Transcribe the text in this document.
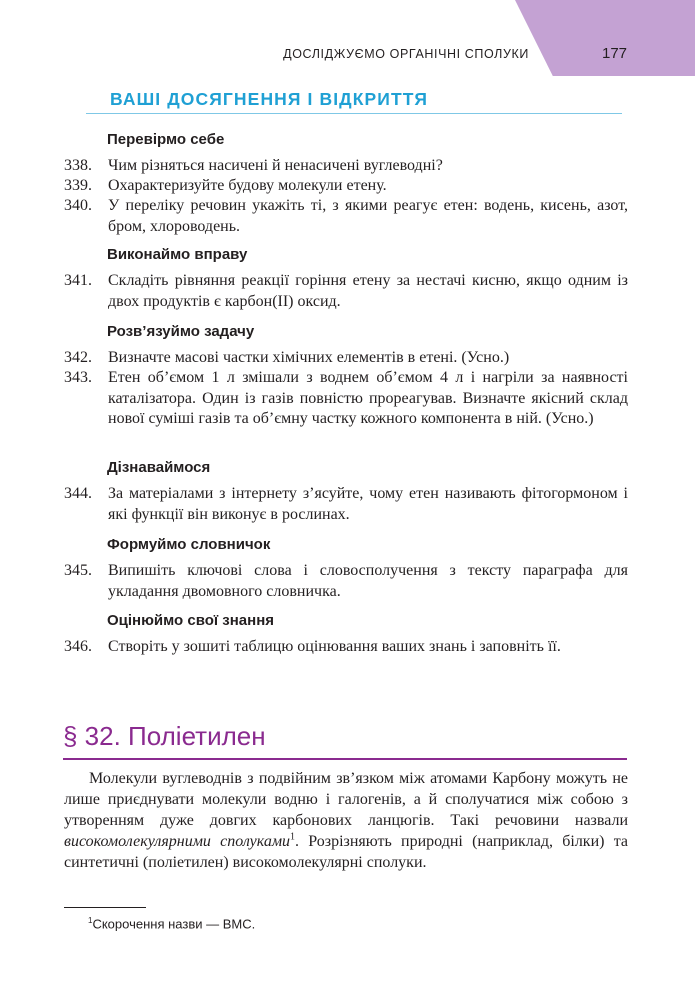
ДОСЛІДЖУЄМО ОРГАНІЧНІ СПОЛУКИ	177
ВАШІ ДОСЯГНЕННЯ І ВІДКРИТТЯ
Перевірмо себе
338. Чим різняться насичені й ненасичені вуглеводні?
339. Охарактеризуйте будову молекули етену.
340. У переліку речовин укажіть ті, з якими реагує етен: водень, кисень, азот, бром, хлороводень.
Виконаймо вправу
341. Складіть рівняння реакції горіння етену за нестачі кисню, якщо одним із двох продуктів є карбон(ІІ) оксид.
Розв’язуймо задачу
342. Визначте масові частки хімічних елементів в етені. (Усно.)
343. Етен об’ємом 1 л змішали з воднем об’ємом 4 л і нагріли за наявності каталізатора. Один із газів повністю прореагував. Визначте якісний склад нової суміші газів та об’ємну частку кожного компонента в ній. (Усно.)
Дізнаваймося
344. За матеріалами з інтернету з’ясуйте, чому етен називають фітогормоном і які функції він виконує в рослинах.
Формуймо словничок
345. Випишіть ключові слова і словосполучення з тексту параграфа для укладання двомовного словничка.
Оцінюймо свої знання
346. Створіть у зошиті таблицю оцінювання ваших знань і заповніть її.
§ 32. Поліетилен
Молекули вуглеводнів з подвійним зв’язком між атомами Карбону можуть не лише приєднувати молекули водню і галогенів, а й сполучатися між собою з утворенням дуже довгих карбонових ланцюгів. Такі речовини назвали високомолекулярними сполуками$^1$. Розрізняють природні (наприклад, білки) та синтетичні (поліетилен) високомолекулярні сполуки.
$^1$Скорочення назви — ВМС.
